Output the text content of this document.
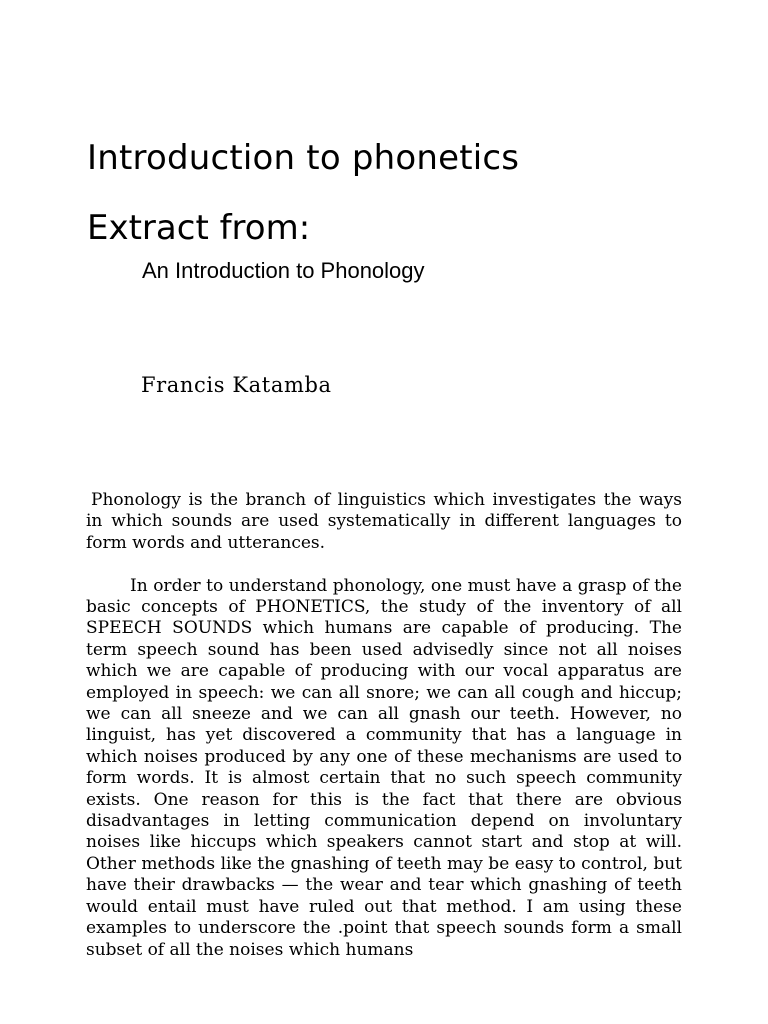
Introduction to phonetics
Extract from:
An Introduction to Phonology
Francis Katamba

Phonology is the branch of linguistics which investigates the ways in which sounds are used systematically in different languages to form words and utterances.

In order to understand phonology, one must have a grasp of the basic concepts of PHONETICS, the study of the inventory of all SPEECH SOUNDS which humans are capable of producing. The term speech sound has been used advisedly since not all noises which we are capable of producing with our vocal apparatus are employed in speech: we can all snore; we can all cough and hiccup; we can all sneeze and we can all gnash our teeth. However, no linguist, has yet discovered a community that has a language in which noises produced by any one of these mechanisms are used to form words. It is almost certain that no such speech community exists. One reason for this is the fact that there are obvious disadvantages in letting communication depend on involuntary noises like hiccups which speakers cannot start and stop at will. Other methods like the gnashing of teeth may be easy to control, but have their drawbacks — the wear and tear which gnashing of teeth would entail must have ruled out that method. I am using these examples to underscore the .point that speech sounds form a small subset of all the noises which humans
